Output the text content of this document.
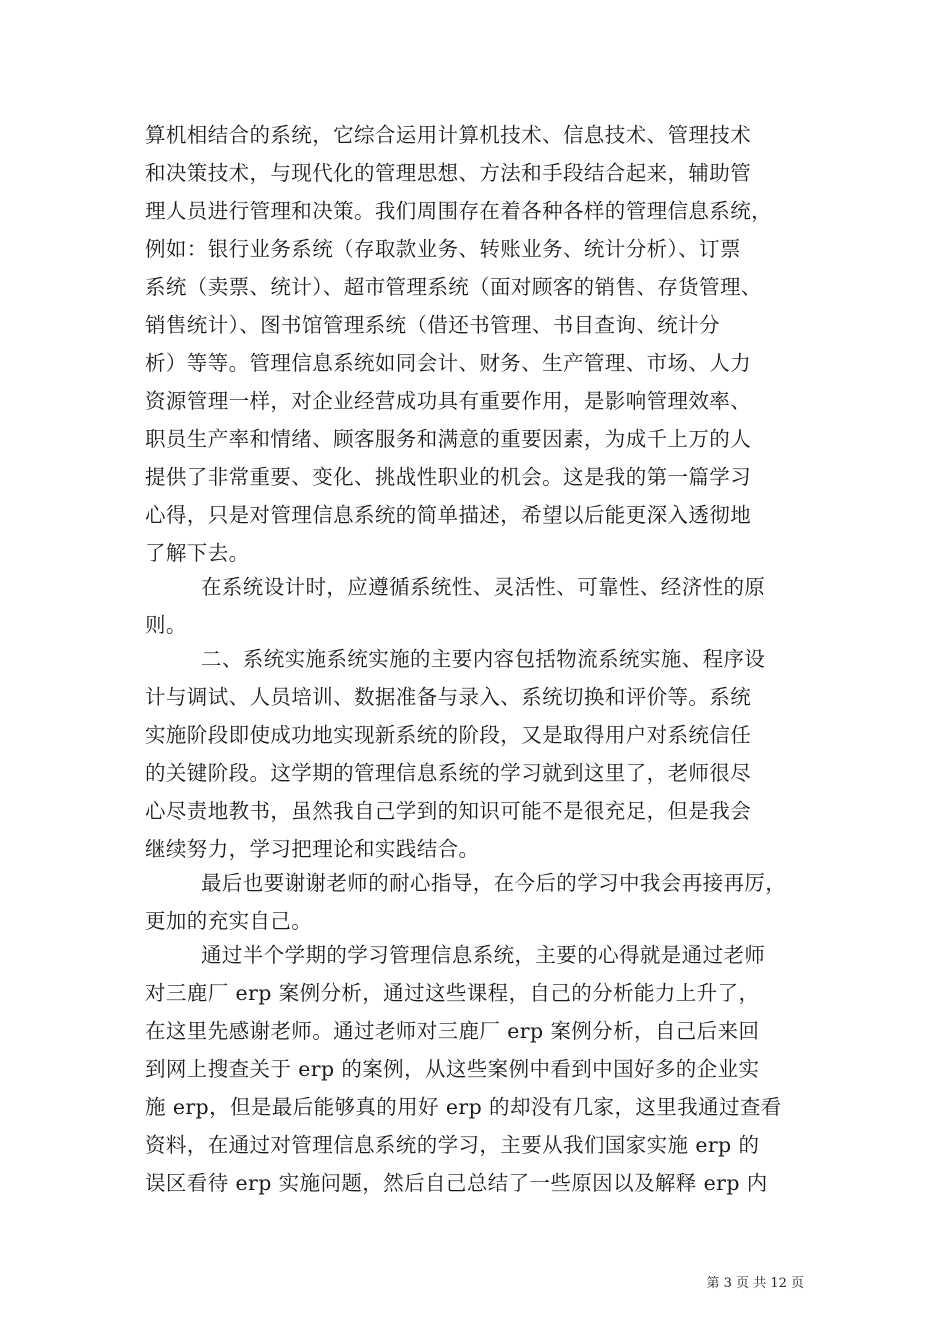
算机相结合的系统，它综合运用计算机技术、信息技术、管理技术
和决策技术，与现代化的管理思想、方法和手段结合起来，辅助管
理人员进行管理和决策。我们周围存在着各种各样的管理信息系统，
例如：银行业务系统（存取款业务、转账业务、统计分析）、订票
系统（卖票、统计）、超市管理系统（面对顾客的销售、存货管理、
销售统计）、图书馆管理系统（借还书管理、书目查询、统计分
析）等等。管理信息系统如同会计、财务、生产管理、市场、人力
资源管理一样，对企业经营成功具有重要作用，是影响管理效率、
职员生产率和情绪、顾客服务和满意的重要因素，为成千上万的人
提供了非常重要、变化、挑战性职业的机会。这是我的第一篇学习
心得，只是对管理信息系统的简单描述，希望以后能更深入透彻地
了解下去。
在系统设计时，应遵循系统性、灵活性、可靠性、经济性的原
则。
二、系统实施系统实施的主要内容包括物流系统实施、程序设
计与调试、人员培训、数据准备与录入、系统切换和评价等。系统
实施阶段即使成功地实现新系统的阶段，又是取得用户对系统信任
的关键阶段。这学期的管理信息系统的学习就到这里了，老师很尽
心尽责地教书，虽然我自己学到的知识可能不是很充足，但是我会
继续努力，学习把理论和实践结合。
最后也要谢谢老师的耐心指导，在今后的学习中我会再接再厉，
更加的充实自己。
通过半个学期的学习管理信息系统，主要的心得就是通过老师
对三鹿厂 erp 案例分析，通过这些课程，自己的分析能力上升了，
在这里先感谢老师。通过老师对三鹿厂 erp 案例分析，自己后来回
到网上搜查关于 erp 的案例，从这些案例中看到中国好多的企业实
施 erp，但是最后能够真的用好 erp 的却没有几家，这里我通过查看
资料，在通过对管理信息系统的学习，主要从我们国家实施 erp 的
误区看待 erp 实施问题，然后自己总结了一些原因以及解释 erp 内
第 3 页 共 12 页
